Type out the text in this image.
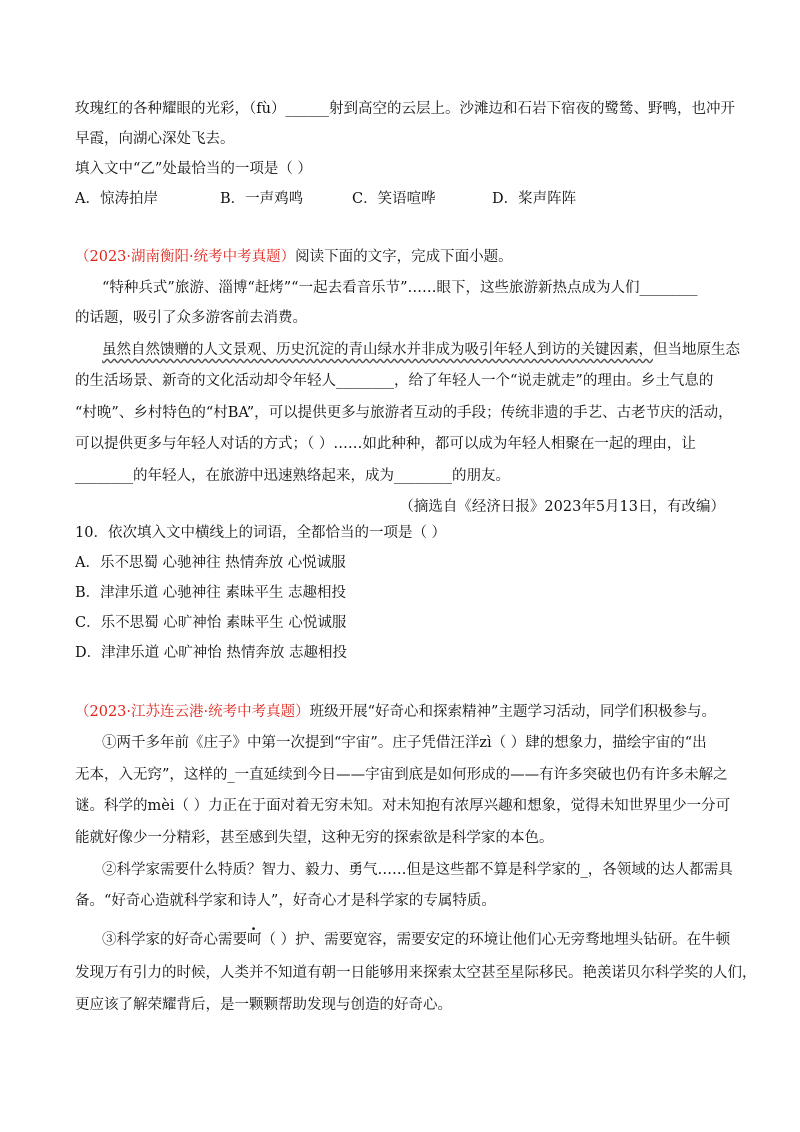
玫瑰红的各种耀眼的光彩，（fù）______射到高空的云层上。沙滩边和石岩下宿夜的鹭鸶、野鸭，也冲开
早霞，向湖心深处飞去。
填入文中“乙”处最恰当的一项是（ ）
A．惊涛拍岸	B．一声鸡鸣	C．笑语喧哗	D．桨声阵阵
（2023·湖南衡阳·统考中考真题）阅读下面的文字，完成下面小题。
“特种兵式”旅游、淄博“赶烤”“一起去看音乐节”……眼下，这些旅游新热点成为人们________
的话题，吸引了众多游客前去消费。
虽然自然馈赠的人文景观、历史沉淀的青山绿水并非成为吸引年轻人到访的关键因素，但当地原生态
的生活场景、新奇的文化活动却令年轻人________，给了年轻人一个“说走就走”的理由。乡土气息的
“村晚”、乡村特色的“村BA”，可以提供更多与旅游者互动的手段；传统非遗的手艺、古老节庆的活动，
可以提供更多与年轻人对话的方式；（ ）……如此种种，都可以成为年轻人相聚在一起的理由，让
________的年轻人，在旅游中迅速熟络起来，成为________的朋友。
（摘选自《经济日报》2023年5月13日，有改编）
10．依次填入文中横线上的词语，全都恰当的一项是（ ）
A．乐不思蜀 心驰神往 热情奔放 心悦诚服
B．津津乐道 心驰神往 素昧平生 志趣相投
C．乐不思蜀 心旷神怡 素昧平生 心悦诚服
D．津津乐道 心旷神怡 热情奔放 志趣相投
（2023·江苏连云港·统考中考真题）班级开展“好奇心和探索精神”主题学习活动，同学们积极参与。
①两千多年前《庄子》中第一次提到“宇宙”。庄子凭借汪洋zì（ ）肆的想象力，描绘宇宙的“出
无本，入无窍”，这样的_一直延续到今日——宇宙到底是如何形成的——有许多突破也仍有许多未解之
谜。科学的mèi（ ）力正在于面对着无穷未知。对未知抱有浓厚兴趣和想象，觉得未知世界里少一分可
能就好像少一分精彩，甚至感到失望，这种无穷的探索欲是科学家的本色。
②科学家需要什么特质？智力、毅力、勇气……但是这些都不算是科学家的_，各领域的达人都需具
备。“好奇心造就科学家和诗人”，好奇心才是科学家的专属特质。
③科学家的好奇心需要呵（ ）护、需要宽容，需要安定的环境让他们心无旁骛地埋头钻研。在牛顿
发现万有引力的时候，人类并不知道有朝一日能够用来探索太空甚至星际移民。艳羡诺贝尔科学奖的人们，
更应该了解荣耀背后，是一颗颗帮助发现与创造的好奇心。
